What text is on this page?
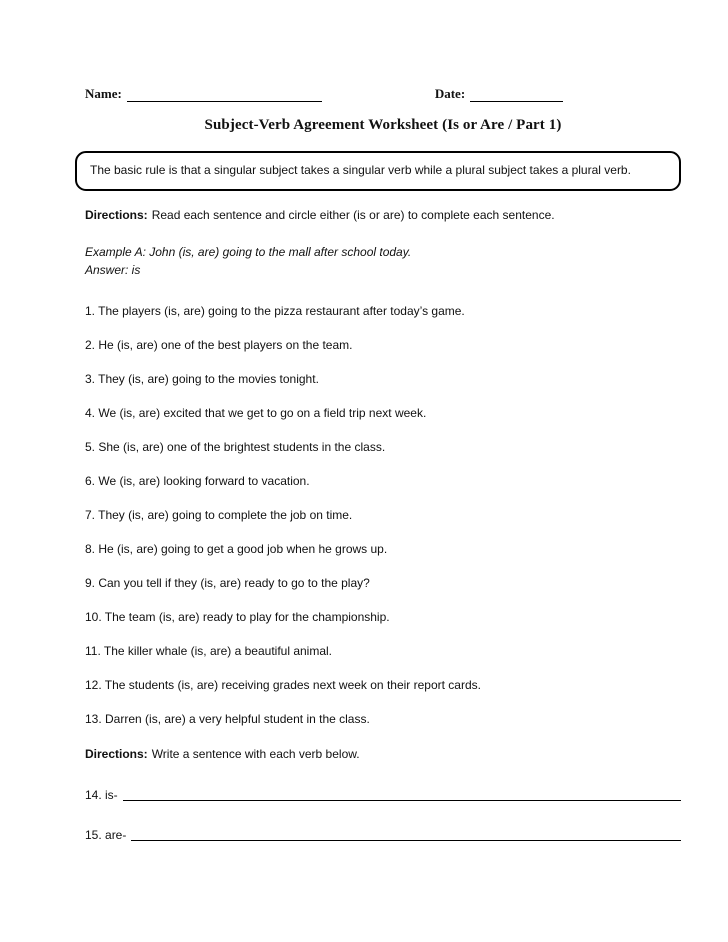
Name:	Date:
Subject-Verb Agreement Worksheet (Is or Are / Part 1)
The basic rule is that a singular subject takes a singular verb while a plural subject takes a plural verb.
Directions: Read each sentence and circle either (is or are) to complete each sentence.
Example A: John (is, are) going to the mall after school today.
Answer: is

1. The players (is, are) going to the pizza restaurant after today’s game.

2. He (is, are) one of the best players on the team.

3. They (is, are) going to the movies tonight.

4. We (is, are) excited that we get to go on a field trip next week.

5. She (is, are) one of the brightest students in the class.

6. We (is, are) looking forward to vacation.

7. They (is, are) going to complete the job on time.

8. He (is, are) going to get a good job when he grows up.

9. Can you tell if they (is, are) ready to go to the play?

10. The team (is, are) ready to play for the championship.

11. The killer whale (is, are) a beautiful animal.

12. The students (is, are) receiving grades next week on their report cards.

13. Darren (is, are) a very helpful student in the class.

Directions: Write a sentence with each verb below.
14. is-
15. are-
